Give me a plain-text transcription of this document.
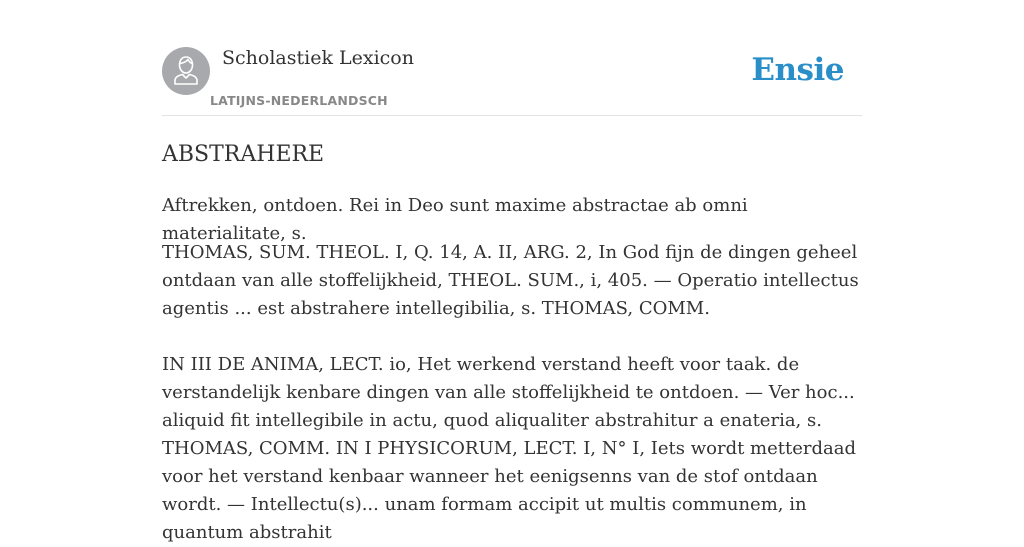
Scholastiek Lexicon
LATIJNS-NEDERLANDSCH
Ensie
ABSTRAHERE

Aftrekken, ontdoen. Rei in Deo sunt maxime abstractae ab omni materialitate, s.

THOMAS, SUM. THEOL. I, Q. 14, A. II, ARG. 2, In God fijn de dingen geheel ontdaan van alle stoffelijkheid, THEOL. SUM., i, 405. — Operatio intellectus agentis ... est abstrahere intellegibilia, s. THOMAS, COMM.

IN III DE ANIMA, LECT. io, Het werkend verstand heeft voor taak. de verstandelijk kenbare dingen van alle stoffelijkheid te ontdoen. — Ver hoc... aliquid fit intellegibile in actu, quod aliqualiter abstrahitur a enateria, s. THOMAS, COMM. IN I PHYSICORUM, LECT. I, N° I, Iets wordt metterdaad voor het verstand kenbaar wanneer het eenigsenns van de stof ontdaan wordt. — Intellectu(s)... unam formam accipit ut multis communem, in quantum abstrahit
